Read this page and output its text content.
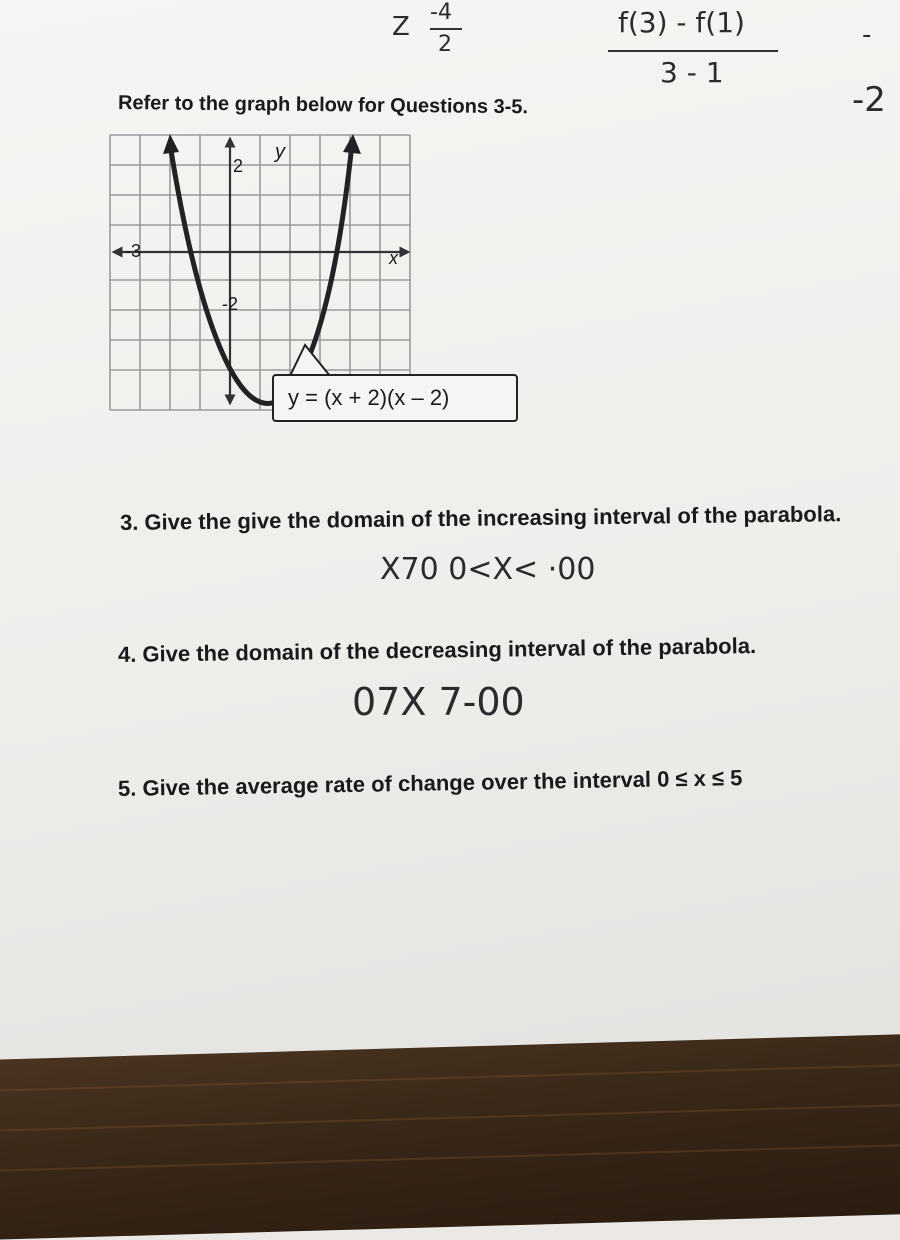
Z -4
2
f(3) - f(1)
3 - 1
-
-2
Refer to the graph below for Questions 3-5.
y
x
2
-2
-3
y = (x + 2)(x – 2)
3. Give the give the domain of the increasing interval of the parabola.
X70 0<X< ·00
4. Give the domain of the decreasing interval of the parabola.
07X 7-00
5. Give the average rate of change over the interval 0 ≤ x ≤ 5
